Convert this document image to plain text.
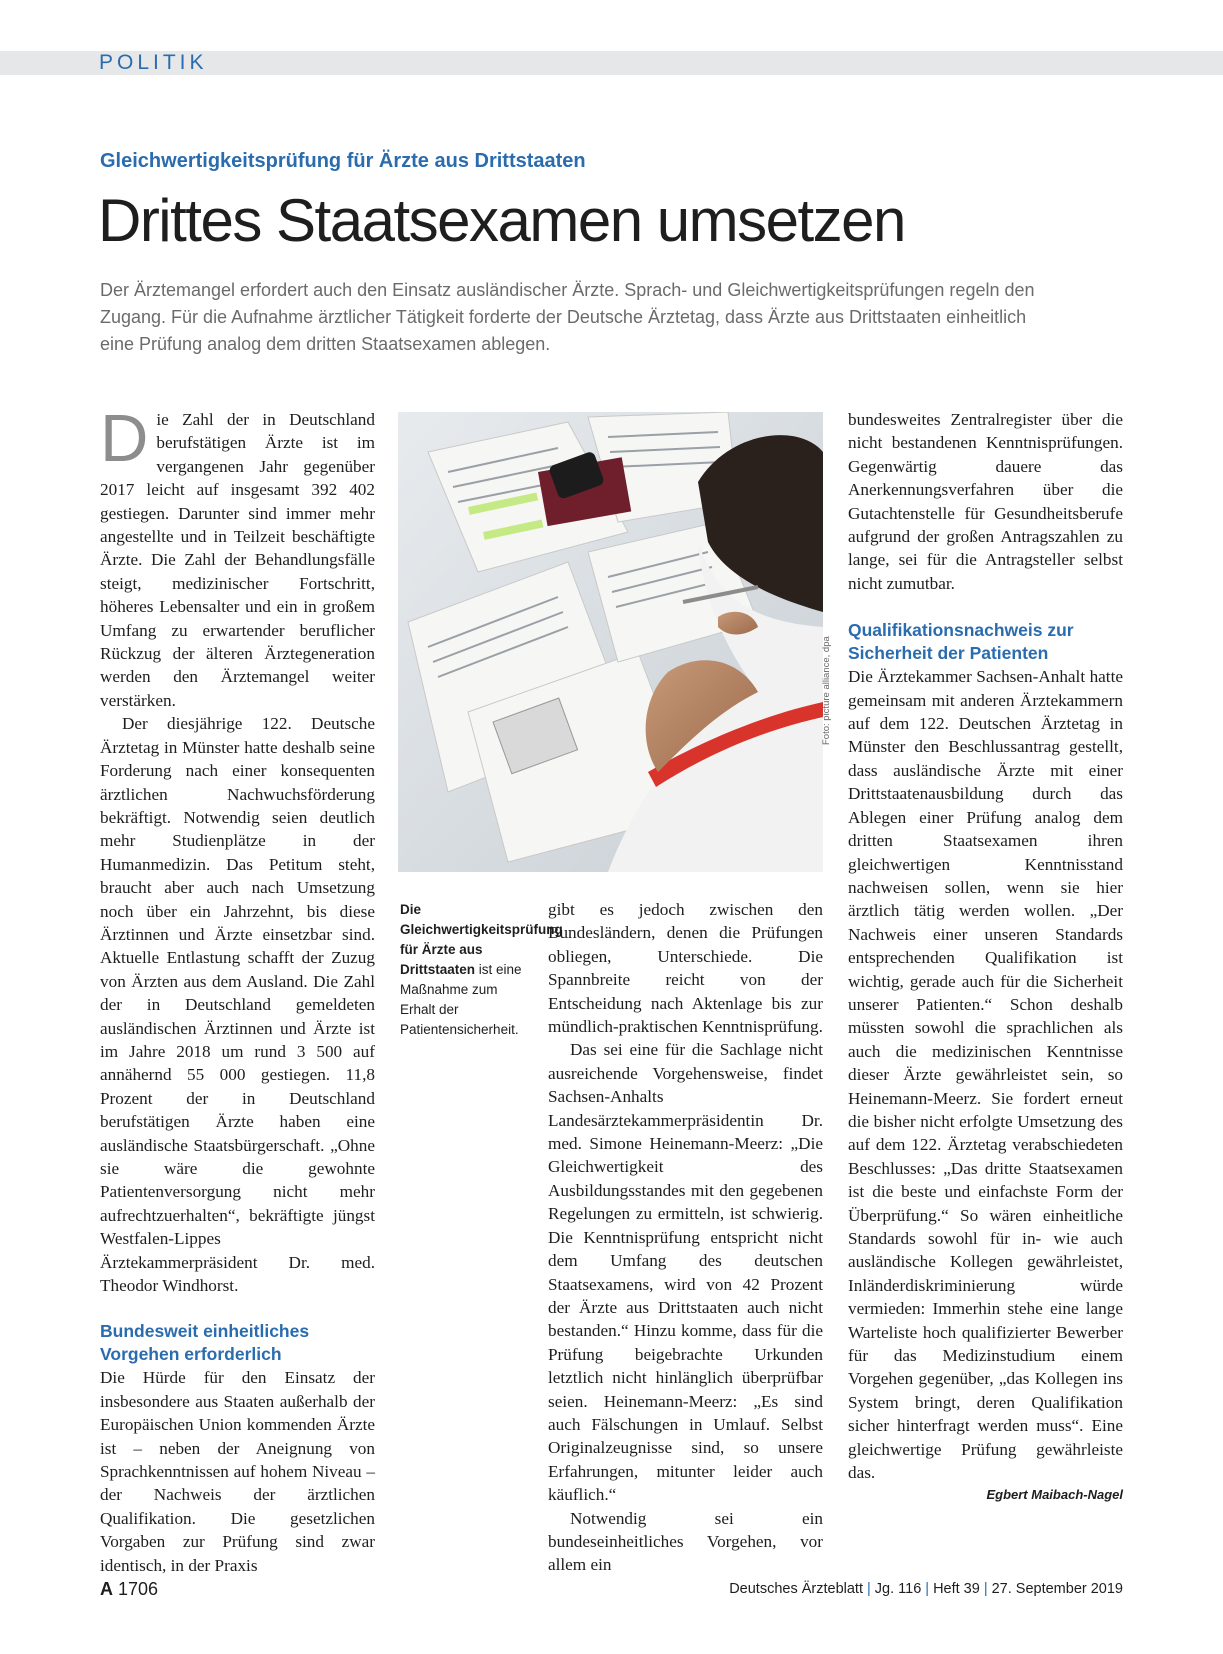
POLITIK
Gleichwertigkeitsprüfung für Ärzte aus Drittstaaten
Drittes Staatsexamen umsetzen

Der Ärztemangel erfordert auch den Einsatz ausländischer Ärzte. Sprach- und Gleichwertigkeitsprüfungen regeln den Zugang. Für die Aufnahme ärztlicher Tätigkeit forderte der Deutsche Ärztetag, dass Ärzte aus Drittstaaten einheitlich eine Prüfung analog dem dritten Staatsexamen ablegen.

Die Zahl der in Deutschland berufstätigen Ärzte ist im vergangenen Jahr gegenüber 2017 leicht auf insgesamt 392 402 gestiegen. Darunter sind immer mehr angestellte und in Teilzeit beschäftigte Ärzte. Die Zahl der Behandlungsfälle steigt, medizinischer Fortschritt, höheres Lebensalter und ein in großem Umfang zu erwartender beruflicher Rückzug der älteren Ärztegeneration werden den Ärztemangel weiter verstärken.

Der diesjährige 122. Deutsche Ärztetag in Münster hatte deshalb seine Forderung nach einer konsequenten ärztlichen Nachwuchsförderung bekräftigt. Notwendig seien deutlich mehr Studienplätze in der Humanmedizin. Das Petitum steht, braucht aber auch nach Umsetzung noch über ein Jahrzehnt, bis diese Ärztinnen und Ärzte einsetzbar sind. Aktuelle Entlastung schafft der Zuzug von Ärzten aus dem Ausland. Die Zahl der in Deutschland gemeldeten ausländischen Ärztinnen und Ärzte ist im Jahre 2018 um rund 3 500 auf annähernd 55 000 gestiegen. 11,8 Prozent der in Deutschland berufstätigen Ärzte haben eine ausländische Staatsbürgerschaft. „Ohne sie wäre die gewohnte Patientenversorgung nicht mehr aufrechtzuerhalten“, bekräftigte jüngst Westfalen-Lippes Ärztekammerpräsident Dr. med. Theodor Windhorst.

Bundesweit einheitliches Vorgehen erforderlich

Die Hürde für den Einsatz der insbesondere aus Staaten außerhalb der Europäischen Union kommenden Ärzte ist – neben der Aneignung von Sprachkenntnissen auf hohem Niveau – der Nachweis der ärztlichen Qualifikation. Die gesetzlichen Vorgaben zur Prüfung sind zwar identisch, in der Praxis

Foto: picture alliance, dpa

Die Gleichwertigkeitsprüfung für Ärzte aus Drittstaaten ist eine Maßnahme zum Erhalt der Patientensicherheit.

gibt es jedoch zwischen den Bundesländern, denen die Prüfungen obliegen, Unterschiede. Die Spannbreite reicht von der Entscheidung nach Aktenlage bis zur mündlich-praktischen Kenntnisprüfung.

Das sei eine für die Sachlage nicht ausreichende Vorgehensweise, findet Sachsen-Anhalts Landesärztekammerpräsidentin Dr. med. Simone Heinemann-Meerz: „Die Gleichwertigkeit des Ausbildungsstandes mit den gegebenen Regelungen zu ermitteln, ist schwierig. Die Kenntnisprüfung entspricht nicht dem Umfang des deutschen Staatsexamens, wird von 42 Prozent der Ärzte aus Drittstaaten auch nicht bestanden.“ Hinzu komme, dass für die Prüfung beigebrachte Urkunden letztlich nicht hinlänglich überprüfbar seien. Heinemann-Meerz: „Es sind auch Fälschungen in Umlauf. Selbst Originalzeugnisse sind, so unsere Erfahrungen, mitunter leider auch käuflich.“

Notwendig sei ein bundeseinheitliches Vorgehen, vor allem ein

bundesweites Zentralregister über die nicht bestandenen Kenntnisprüfungen. Gegenwärtig dauere das Anerkennungsverfahren über die Gutachtenstelle für Gesundheitsberufe aufgrund der großen Antragszahlen zu lange, sei für die Antragsteller selbst nicht zumutbar.

Qualifikationsnachweis zur Sicherheit der Patienten

Die Ärztekammer Sachsen-Anhalt hatte gemeinsam mit anderen Ärztekammern auf dem 122. Deutschen Ärztetag in Münster den Beschlussantrag gestellt, dass ausländische Ärzte mit einer Drittstaatenausbildung durch das Ablegen einer Prüfung analog dem dritten Staatsexamen ihren gleichwertigen Kenntnisstand nachweisen sollen, wenn sie hier ärztlich tätig werden wollen. „Der Nachweis einer unseren Standards entsprechenden Qualifikation ist wichtig, gerade auch für die Sicherheit unserer Patienten.“ Schon deshalb müssten sowohl die sprachlichen als auch die medizinischen Kenntnisse dieser Ärzte gewährleistet sein, so Heinemann-Meerz. Sie fordert erneut die bisher nicht erfolgte Umsetzung des auf dem 122. Ärztetag verabschiedeten Beschlusses: „Das dritte Staatsexamen ist die beste und einfachste Form der Überprüfung.“ So wären einheitliche Standards sowohl für in- wie auch ausländische Kollegen gewährleistet, Inländerdiskriminierung würde vermieden: Immerhin stehe eine lange Warteliste hoch qualifizierter Bewerber für das Medizinstudium einem Vorgehen gegenüber, „das Kollegen ins System bringt, deren Qualifikation sicher hinterfragt werden muss“. Eine gleichwertige Prüfung gewährleiste das.

Egbert Maibach-Nagel

A 1706	Deutsches Ärzteblatt | Jg. 116 | Heft 39 | 27. September 2019
